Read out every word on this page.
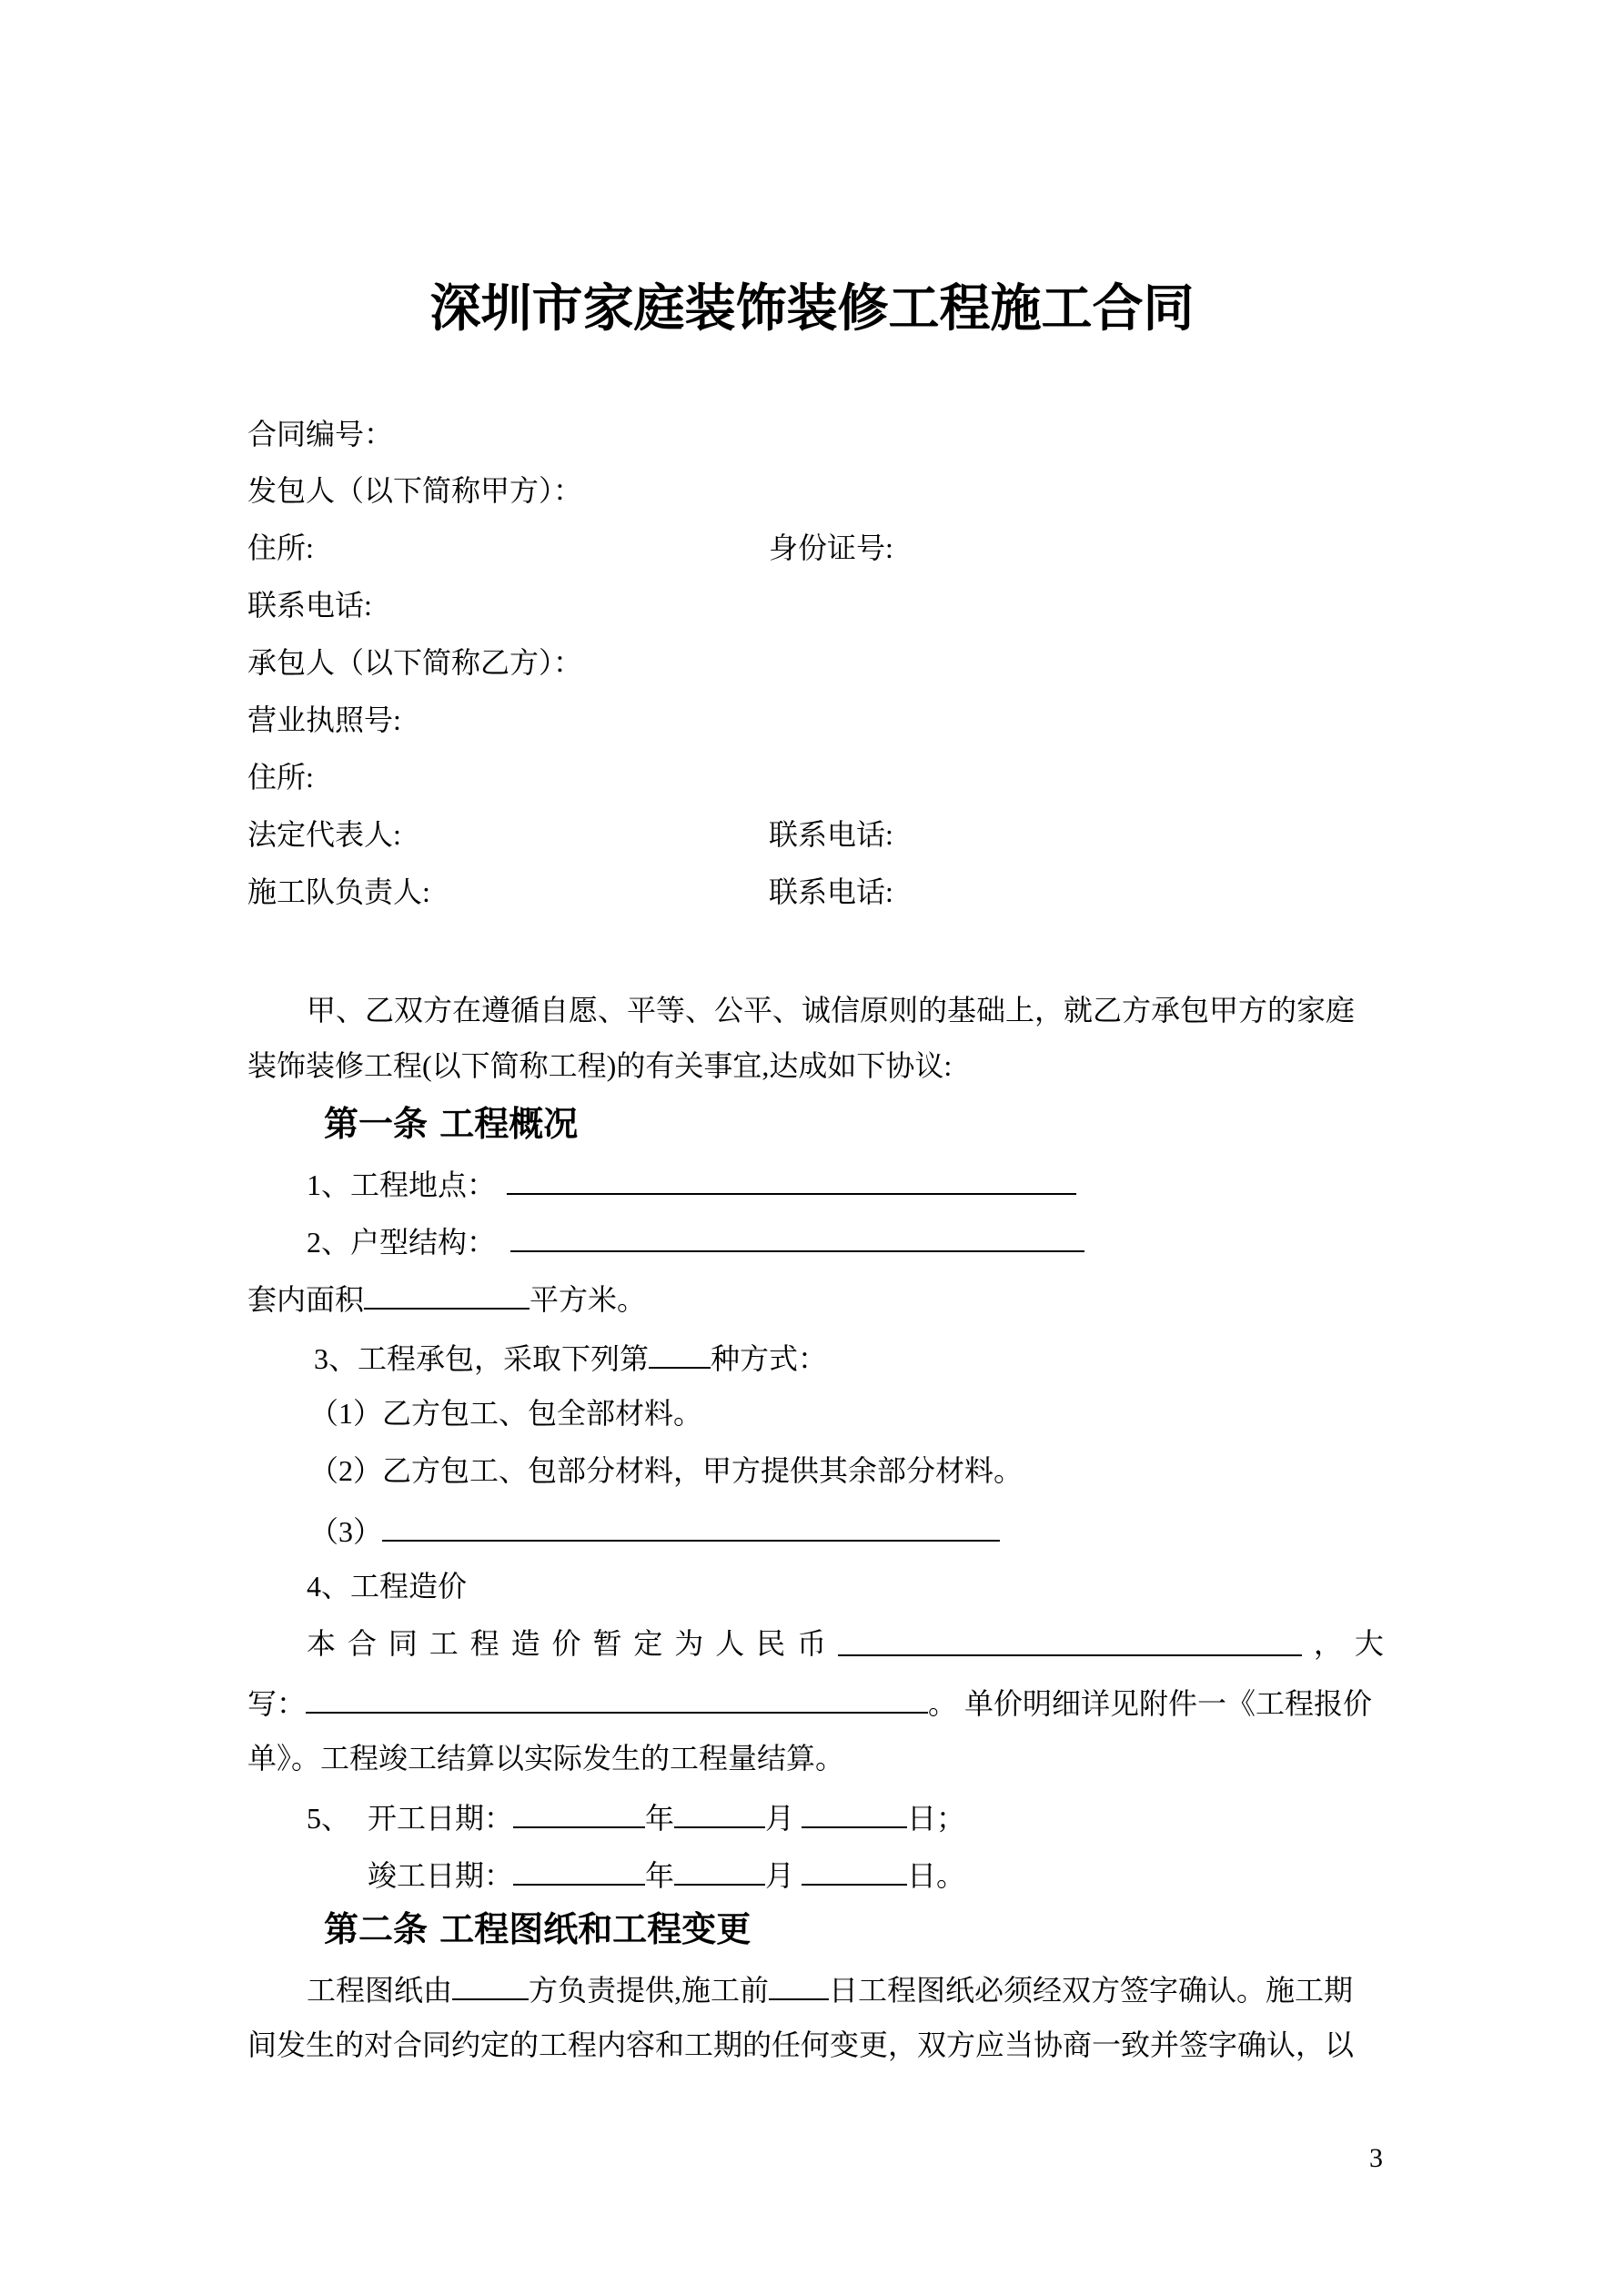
深圳市家庭装饰装修工程施工合同
合同编号：
发包人（以下简称甲方）：
住所:	身份证号:
联系电话:
承包人（以下简称乙方）：
营业执照号:
住所:
法定代表人:	联系电话:
施工队负责人:	联系电话:
甲、乙双方在遵循自愿、平等、公平、诚信原则的基础上，就乙方承包甲方的家庭
装饰装修工程(以下简称工程)的有关事宜,达成如下协议:
第一条 工程概况
1、工程地点：
2、户型结构：
套内面积	平方米。
3、工程承包，采取下列第 种方式：
（1）乙方包工、包全部材料。
（2）乙方包工、包部分材料，甲方提供其余部分材料。
（3）
4、工程造价
本 合 同 工 程 造 价 暂 定 为 人 民 币	， 大
写：	。 单价明细详见附件一《工程报价
单》。工程竣工结算以实际发生的工程量结算。
5、 开工日期：	年	月	日；
竣工日期：	年	月	日。
第二条 工程图纸和工程变更
工程图纸由	方负责提供,施工前 日工程图纸必须经双方签字确认。施工期
间发生的对合同约定的工程内容和工期的任何变更，双方应当协商一致并签字确认，以
3
